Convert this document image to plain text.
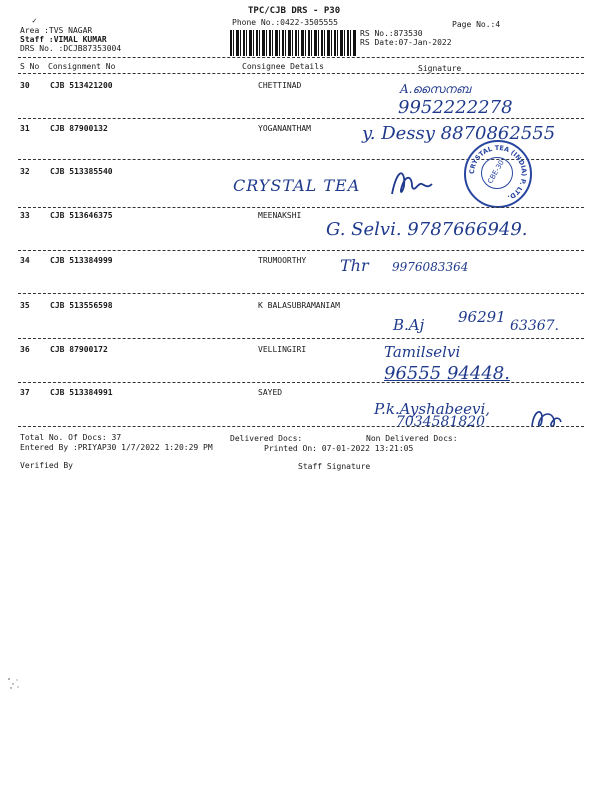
✓
TPC/CJB DRS - P30
Phone No.:0422-3505555
Area :TVS NAGAR
Staff :VIMAL KUMAR
DRS No. :DCJB87353004
RS No.:873530
RS Date:07-Jan-2022
Page No.:4
S No Consignment No	Consignee Details	Signature
30	CJB 513421200	CHETTINAD	A.സൈനബ
9952222278
31	CJB 87900132	YOGANANTHAM	y. Dessy 8870862555
32	CJB 513385540
CRYSTAL TEA
CBE-30
CRYSTAL TEA (INDIA) P. LTD.
33	CJB 513646375	MEENAKSHI
G. Selvi. 9787666949.
34	CJB 513384999	TRUMOORTHY Thr 9976083364
35	CJB 513556598	K BALASUBRAMANIAM
B.Aj 96291 63367.
36	CJB 87900172	VELLINGIRI	Tamilselvi
96555 94448.
37	CJB 513384991	SAYED
P.k.Ayshabeevi,
7034581820
Total No. Of Docs: 37	Delivered Docs:	Non Delivered Docs:
Entered By :PRIYAP30 1/7/2022 1:20:29 PM	Printed On: 07-01-2022 13:21:05
Verified By	Staff Signature
